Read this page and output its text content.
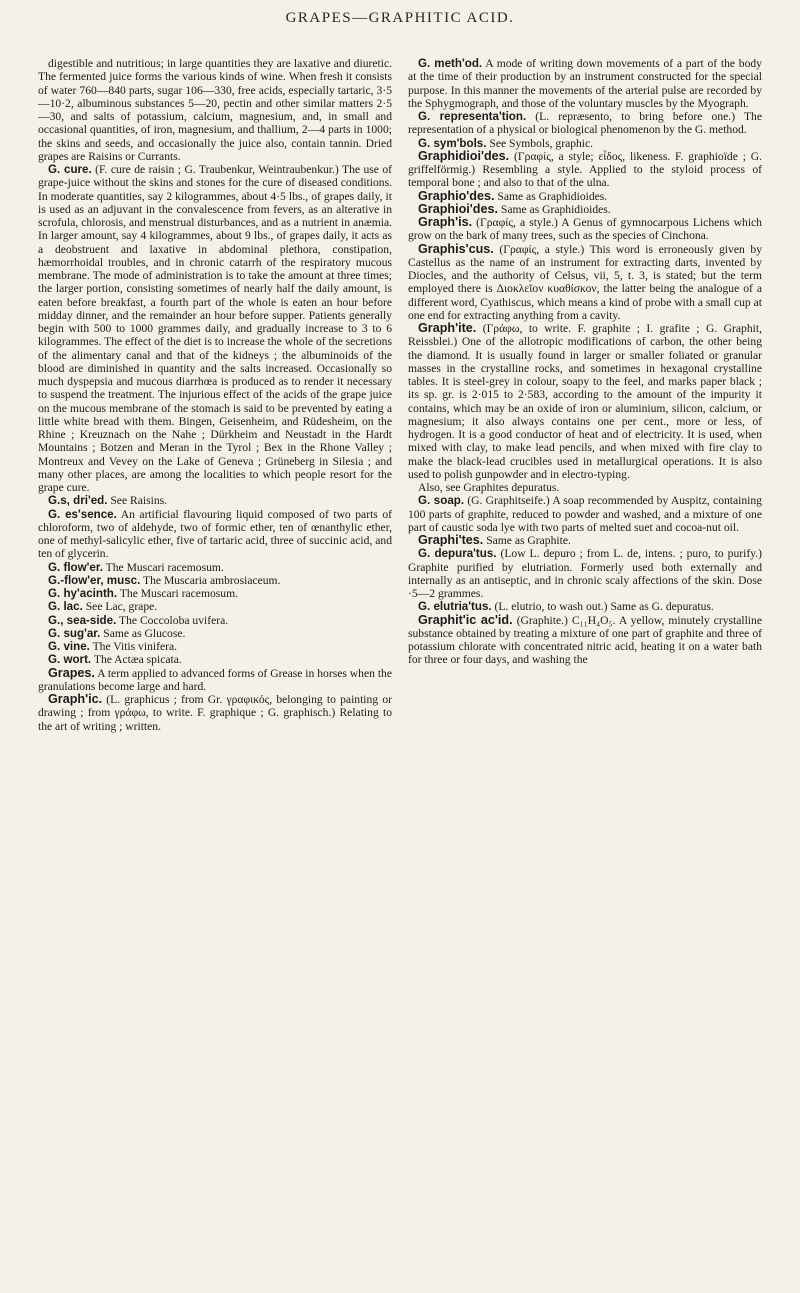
GRAPES—GRAPHITIC ACID.

digestible and nutritious; in large quantities they are laxative and diuretic. The fermented juice forms the various kinds of wine. When fresh it consists of water 760—840 parts, sugar 106—330, free acids, especially tartaric, 3·5—10·2, albuminous substances 5—20, pectin and other similar matters 2·5—30, and salts of potassium, calcium, magnesium, and, in small and occasional quantities, of iron, magnesium, and thallium, 2—4 parts in 1000; the skins and seeds, and occasionally the juice also, contain tannin. Dried grapes are Raisins or Currants.

G. cure. (F. cure de raisin ; G. Traubenkur, Weintraubenkur.) The use of grape-juice without the skins and stones for the cure of diseased conditions. In moderate quantities, say 2 kilogrammes, about 4·5 lbs., of grapes daily, it is used as an adjuvant in the convalescence from fevers, as an alterative in scrofula, chlorosis, and menstrual disturbances, and as a nutrient in anæmia. In larger amount, say 4 kilogrammes, about 9 lbs., of grapes daily, it acts as a deobstruent and laxative in abdominal plethora, constipation, hæmorrhoidal troubles, and in chronic catarrh of the respiratory mucous membrane. The mode of administration is to take the amount at three times; the larger portion, consisting sometimes of nearly half the daily amount, is eaten before breakfast, a fourth part of the whole is eaten an hour before midday dinner, and the remainder an hour before supper. Patients generally begin with 500 to 1000 grammes daily, and gradually increase to 3 to 6 kilogrammes. The effect of the diet is to increase the whole of the secretions of the alimentary canal and that of the kidneys ; the albuminoids of the blood are diminished in quantity and the salts increased. Occasionally so much dyspepsia and mucous diarrhœa is produced as to render it necessary to suspend the treatment. The injurious effect of the acids of the grape juice on the mucous membrane of the stomach is said to be prevented by eating a little white bread with them. Bingen, Geisenheim, and Rüdesheim, on the Rhine ; Kreuznach on the Nahe ; Dürkheim and Neustadt in the Hardt Mountains ; Botzen and Meran in the Tyrol ; Bex in the Rhone Valley ; Montreux and Vevey on the Lake of Geneva ; Grüneberg in Silesia ; and many other places, are among the localities to which people resort for the grape cure.

G.s, dri'ed. See Raisins.

G. es'sence. An artificial flavouring liquid composed of two parts of chloroform, two of aldehyde, two of formic ether, ten of œnanthylic ether, one of methyl-salicylic ether, five of tartaric acid, three of succinic acid, and ten of glycerin.

G. flow'er. The Muscari racemosum.

G.-flow'er, musc. The Muscaria ambrosiaceum.

G. hy'acinth. The Muscari racemosum.

G. lac. See Lac, grape.

G., sea-side. The Coccoloba uvifera.

G. sug'ar. Same as Glucose.

G. vine. The Vitis vinifera.

G. wort. The Actæa spicata.

Grapes. A term applied to advanced forms of Grease in horses when the granulations become large and hard.

Graph'ic. (L. graphicus ; from Gr. γραφικός, belonging to painting or drawing ; from γράφω, to write. F. graphique ; G. graphisch.) Relating to the art of writing ; written.

G. meth'od. A mode of writing down movements of a part of the body at the time of their production by an instrument constructed for the special purpose. In this manner the movements of the arterial pulse are recorded by the Sphygmograph, and those of the voluntary muscles by the Myograph.

G. representa'tion. (L. repræsento, to bring before one.) The representation of a physical or biological phenomenon by the G. method.

G. sym'bols. See Symbols, graphic.

Graphidioi'des. (Γραφίς, a style; εἶδος, likeness. F. graphioïde ; G. griffelförmig.) Resembling a style. Applied to the styloid process of temporal bone ; and also to that of the ulna.

Graphio'des. Same as Graphidioides.

Graphioi'des. Same as Graphidioides.

Graph'is. (Γραφίς, a style.) A Genus of gymnocarpous Lichens which grow on the bark of many trees, such as the species of Cinchona.

Graphis'cus. (Γραφίς, a style.) This word is erroneously given by Castellus as the name of an instrument for extracting darts, invented by Diocles, and the authority of Celsus, vii, 5, t. 3, is stated; but the term employed there is Διοκλεῖον κυαθίσκον, the latter being the analogue of a different word, Cyathiscus, which means a kind of probe with a small cup at one end for extracting anything from a cavity.

Graph'ite. (Γράφω, to write. F. graphite ; I. grafite ; G. Graphit, Reissblei.) One of the allotropic modifications of carbon, the other being the diamond. It is usually found in larger or smaller foliated or granular masses in the crystalline rocks, and sometimes in hexagonal crystalline tables. It is steel-grey in colour, soapy to the feel, and marks paper black ; its sp. gr. is 2·015 to 2·583, according to the amount of the impurity it contains, which may be an oxide of iron or aluminium, silicon, calcium, or magnesium; it also always contains one per cent., more or less, of hydrogen. It is a good conductor of heat and of electricity. It is used, when mixed with clay, to make lead pencils, and when mixed with fire clay to make the black-lead crucibles used in metallurgical operations. It is also used to polish gunpowder and in electro-typing.

Also, see Graphites depuratus.

G. soap. (G. Graphitseife.) A soap recommended by Auspitz, containing 100 parts of graphite, reduced to powder and washed, and a mixture of one part of caustic soda lye with two parts of melted suet and cocoa-nut oil.

Graphi'tes. Same as Graphite.

G. depura'tus. (Low L. depuro ; from L. de, intens. ; puro, to purify.) Graphite purified by elutriation. Formerly used both externally and internally as an antiseptic, and in chronic scaly affections of the skin. Dose ·5—2 grammes.

G. elutria'tus. (L. elutrio, to wash out.) Same as G. depuratus.

Graphit'ic ac'id. (Graphite.) C₁₁H₄O₅. A yellow, minutely crystalline substance obtained by treating a mixture of one part of graphite and three of potassium chlorate with concentrated nitric acid, heating it on a water bath for three or four days, and washing the
